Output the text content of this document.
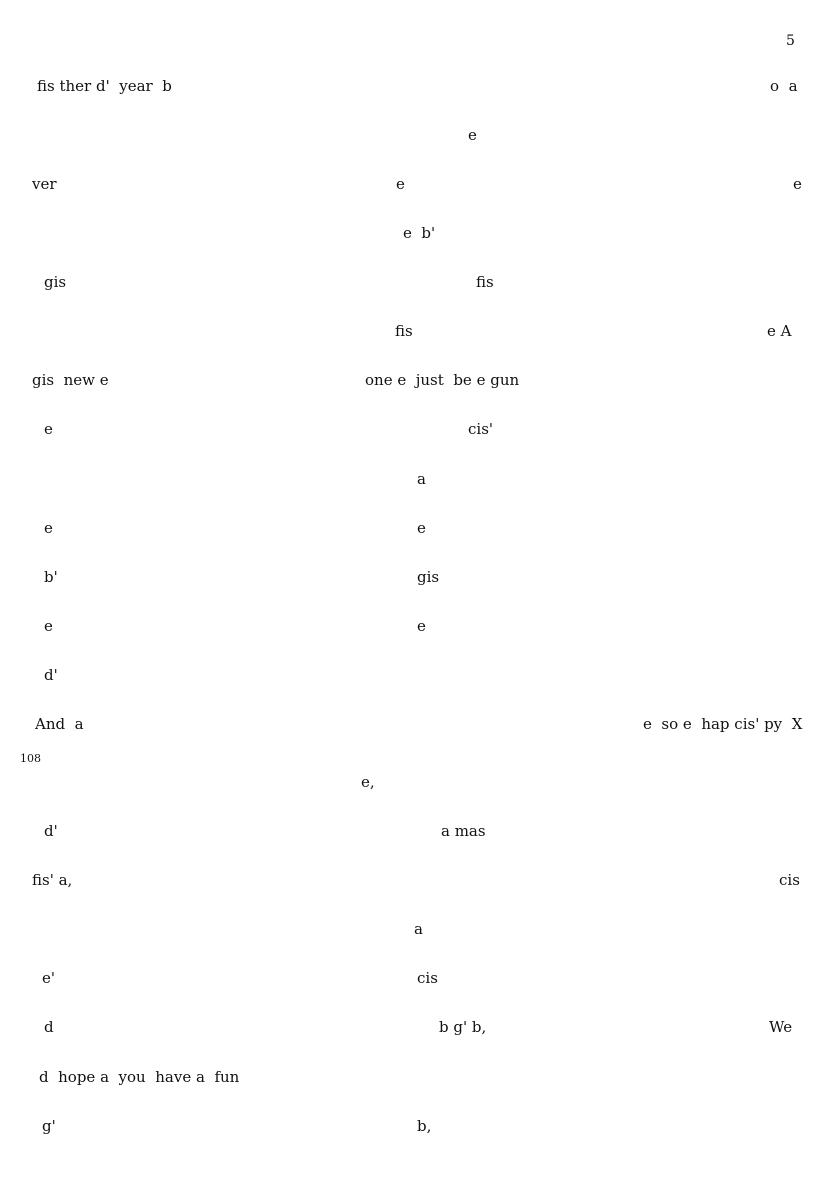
5
fis ther d'  year  b	o  a
e
ver	e	e
e  b'
gis	fis
fis	e A
gis  new e	one e  just  be e gun
e	cis'
a
e	e
b'	gis
e	e
d'
And  a	e  so e  hap cis' py  X
108
e,
d'	a mas
fis' a,	cis
a
e'	cis
d	b g' b,	We
d  hope a  you  have a  fun
g'	b,
